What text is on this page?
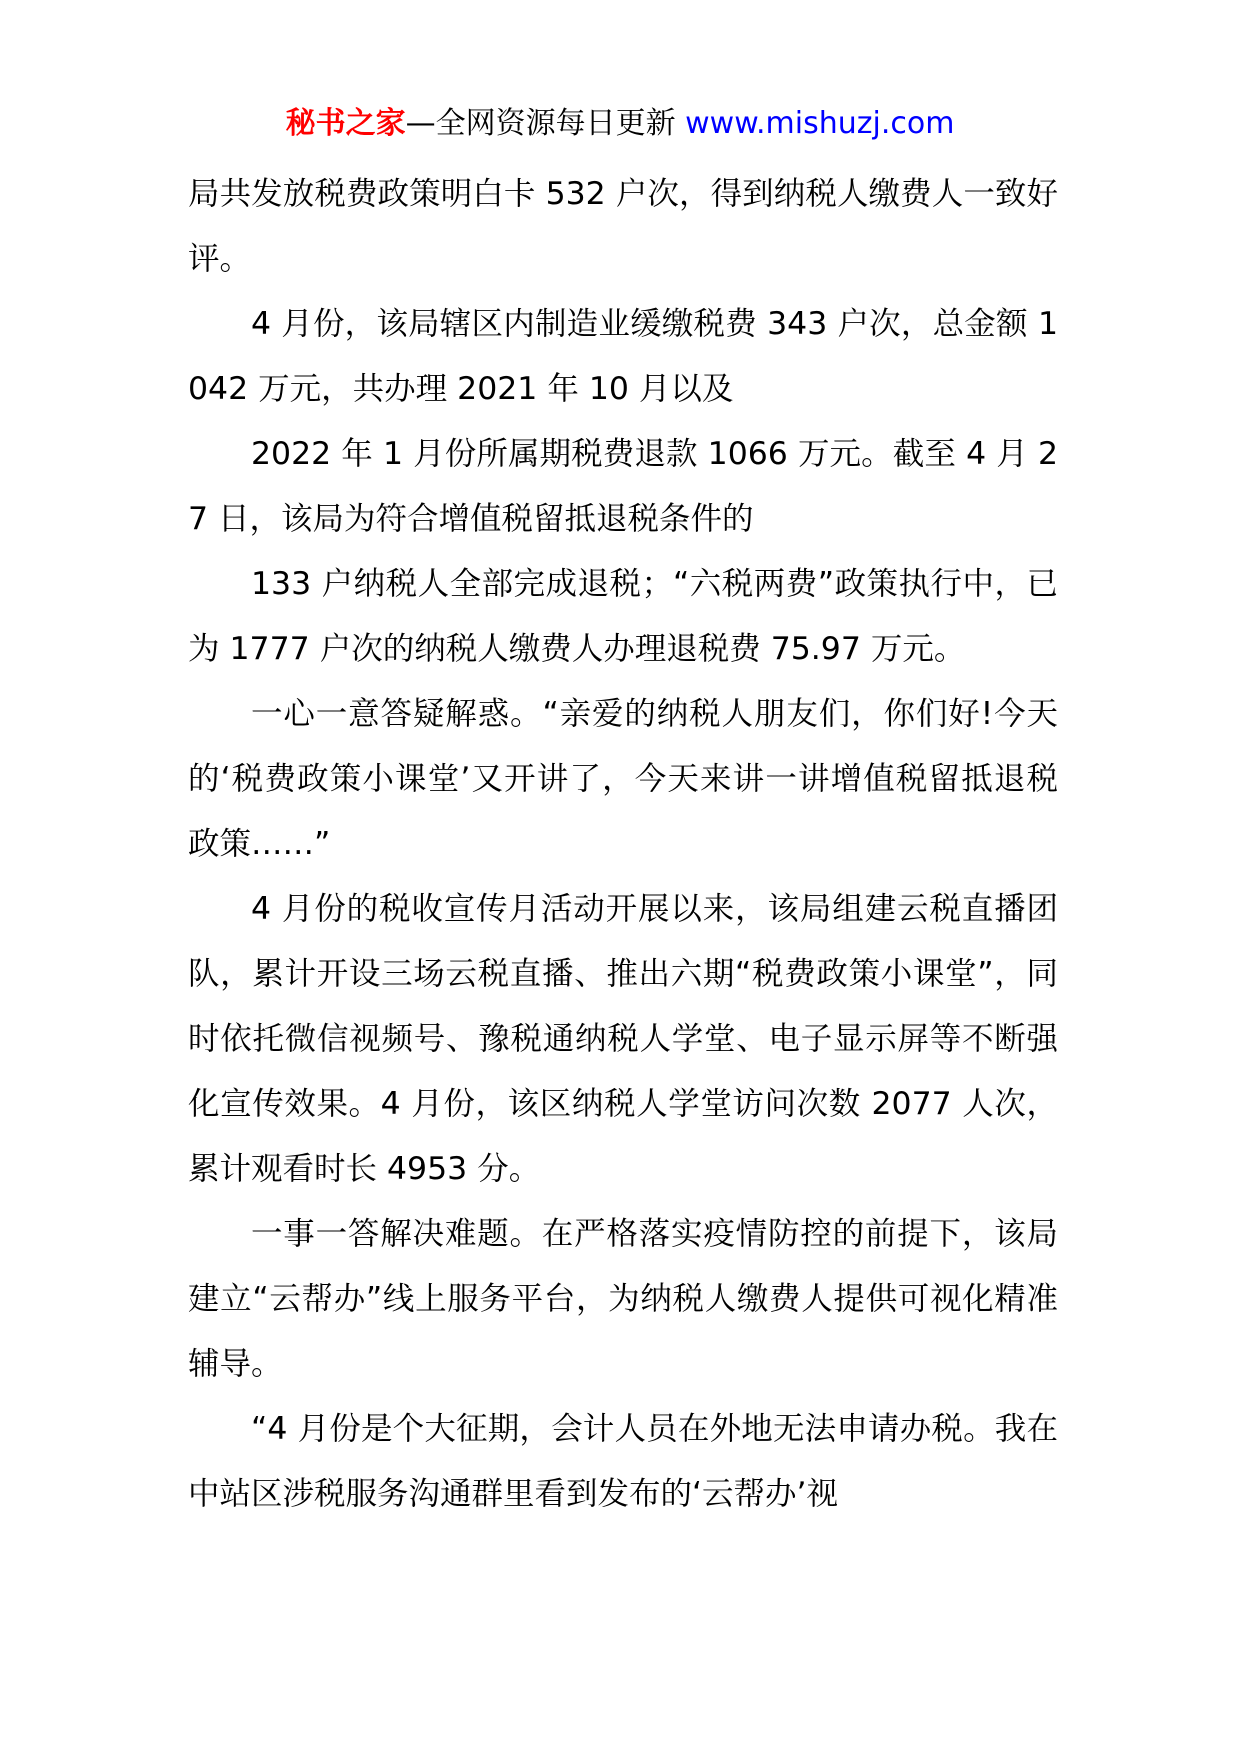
秘书之家—全网资源每日更新 www.mishuzj.com

局共发放税费政策明白卡 532 户次，得到纳税人缴费人一致好评。

4 月份，该局辖区内制造业缓缴税费 343 户次，总金额 1042 万元，共办理 2021 年 10 月以及

2022 年 1 月份所属期税费退款 1066 万元。截至 4 月 27 日，该局为符合增值税留抵退税条件的

133 户纳税人全部完成退税；“六税两费”政策执行中，已为 1777 户次的纳税人缴费人办理退税费 75.97 万元。

一心一意答疑解惑。“亲爱的纳税人朋友们，你们好!今天的‘税费政策小课堂’又开讲了，今天来讲一讲增值税留抵退税政策……”

4 月份的税收宣传月活动开展以来，该局组建云税直播团队，累计开设三场云税直播、推出六期“税费政策小课堂”，同时依托微信视频号、豫税通纳税人学堂、电子显示屏等不断强化宣传效果。4 月份，该区纳税人学堂访问次数 2077 人次，累计观看时长 4953 分。

一事一答解决难题。在严格落实疫情防控的前提下，该局建立“云帮办”线上服务平台，为纳税人缴费人提供可视化精准辅导。

“4 月份是个大征期，会计人员在外地无法申请办税。我在中站区涉税服务沟通群里看到发布的‘云帮办’视
